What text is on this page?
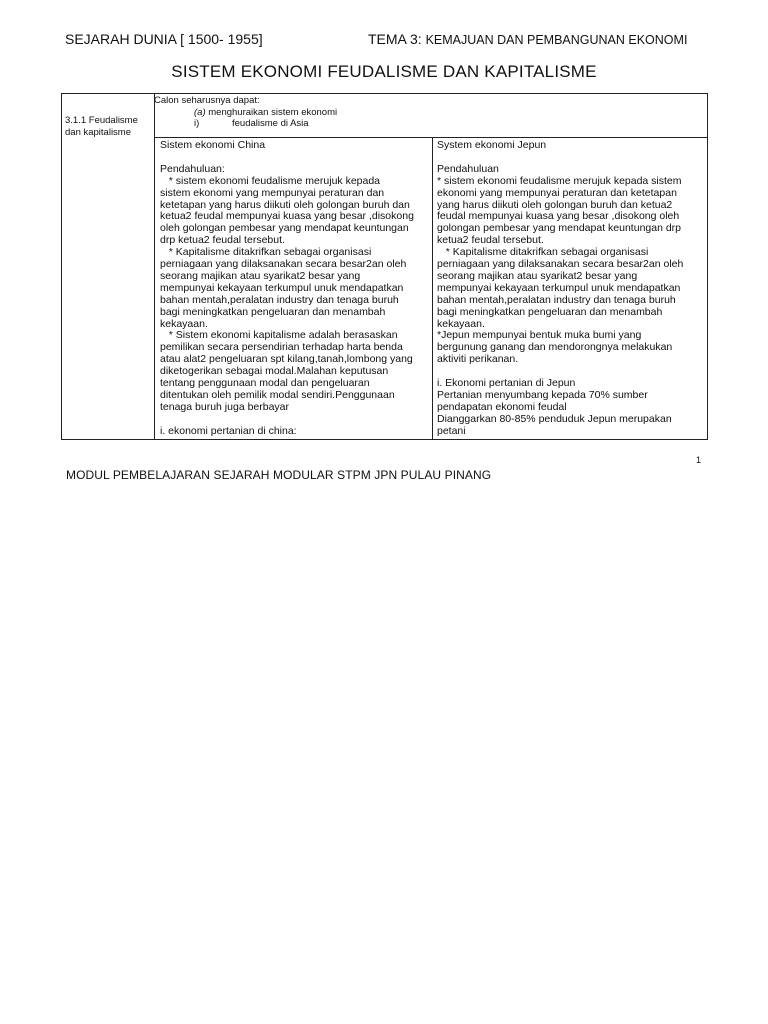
SEJARAH DUNIA [ 1500- 1955]	TEMA 3: KEMAJUAN DAN PEMBANGUNAN EKONOMI
SISTEM EKONOMI FEUDALISME DAN KAPITALISME
3.1.1 Feudalisme
dan kapitalisme
Calon seharusnya dapat:
(a) menghuraikan sistem ekonomi
i)	feudalisme di Asia
Sistem ekonomi China
Pendahuluan:
* sistem ekonomi feudalisme merujuk kepada
sistem ekonomi yang mempunyai peraturan dan
ketetapan yang harus diikuti oleh golongan buruh dan
ketua2 feudal mempunyai kuasa yang besar ,disokong
oleh golongan pembesar yang mendapat keuntungan
drp ketua2 feudal tersebut.
* Kapitalisme ditakrifkan sebagai organisasi
perniagaan yang dilaksanakan secara besar2an oleh
seorang majikan atau syarikat2 besar yang
mempunyai kekayaan terkumpul unuk mendapatkan
bahan mentah,peralatan industry dan tenaga buruh
bagi meningkatkan pengeluaran dan menambah
kekayaan.
* Sistem ekonomi kapitalisme adalah berasaskan
pemilikan secara persendirian terhadap harta benda
atau alat2 pengeluaran spt kilang,tanah,lombong yang
diketogerikan sebagai modal.Malahan keputusan
tentang penggunaan modal dan pengeluaran
ditentukan oleh pemilik modal sendiri.Penggunaan
tenaga buruh juga berbayar
i. ekonomi pertanian di china:
System ekonomi Jepun
Pendahuluan
* sistem ekonomi feudalisme merujuk kepada sistem
ekonomi yang mempunyai peraturan dan ketetapan
yang harus diikuti oleh golongan buruh dan ketua2
feudal mempunyai kuasa yang besar ,disokong oleh
golongan pembesar yang mendapat keuntungan drp
ketua2 feudal tersebut.
* Kapitalisme ditakrifkan sebagai organisasi
perniagaan yang dilaksanakan secara besar2an oleh
seorang majikan atau syarikat2 besar yang
mempunyai kekayaan terkumpul unuk mendapatkan
bahan mentah,peralatan industry dan tenaga buruh
bagi meningkatkan pengeluaran dan menambah
kekayaan.
*Jepun mempunyai bentuk muka bumi yang
bergunung ganang dan mendorongnya melakukan
aktiviti perikanan.
i. Ekonomi pertanian di Jepun
Pertanian menyumbang kepada 70% sumber
pendapatan ekonomi feudal
Dianggarkan 80-85% penduduk Jepun merupakan
petani
1
MODUL PEMBELAJARAN SEJARAH MODULAR STPM JPN PULAU PINANG
